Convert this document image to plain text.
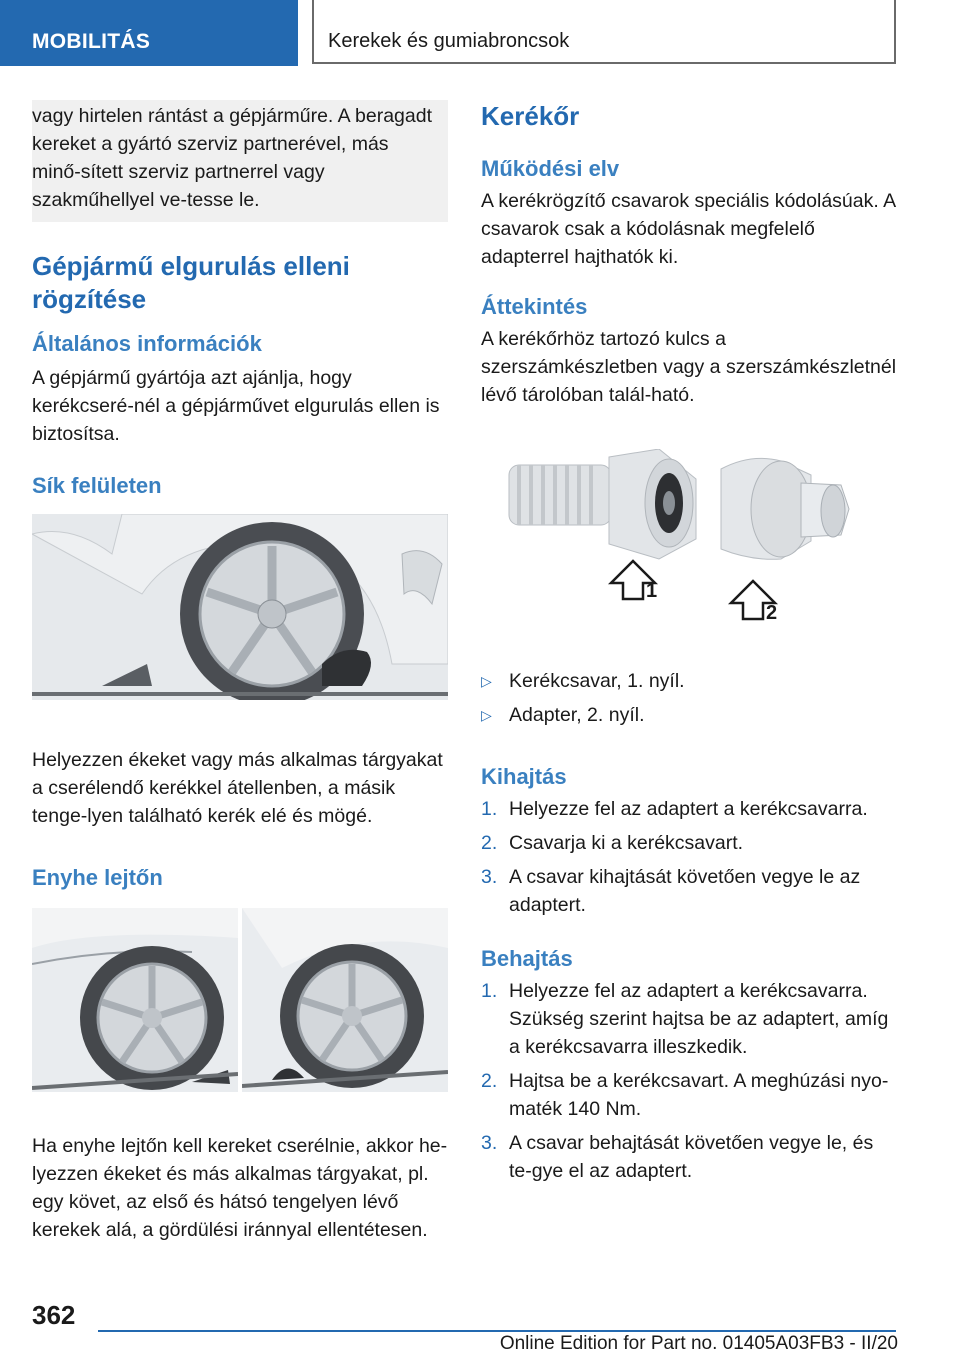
MOBILITÁS	Kerekek és gumiabroncsok

vagy hirtelen rántást a gépjárműre. A beragadt kereket a gyártó szerviz partnerével, más minő-sített szerviz partnerrel vagy szakműhellyel ve-tesse le.

Gépjármű elgurulás elleni rögzítése
Általános információk

A gépjármű gyártója azt ajánlja, hogy kerékcseré-nél a gépjárművet elgurulás ellen is biztosítsa.

Sík felületen

Helyezzen ékeket vagy más alkalmas tárgyakat a cserélendő kerékkel átellenben, a másik tenge-lyen található kerék elé és mögé.

Enyhe lejtőn

Ha enyhe lejtőn kell kereket cserélnie, akkor he-lyezzen ékeket és más alkalmas tárgyakat, pl. egy követ, az első és hátsó tengelyen lévő kerekek alá, a gördülési iránnyal ellentétesen.

Kerékőr
Működési elv

A kerékrögzítő csavarok speciális kódolásúak. A csavarok csak a kódolásnak megfelelő adapterrel hajthatók ki.

Áttekintés

A kerékőrhöz tartozó kulcs a szerszámkészletben vagy a szerszámkészletnél lévő tárolóban talál-ható.

1
2
▷ Kerékcsavar, 1. nyíl.
▷ Adapter, 2. nyíl.
Kihajtás
1. Helyezze fel az adaptert a kerékcsavarra.
2. Csavarja ki a kerékcsavart.
3. A csavar kihajtását követően vegye le az adaptert.
Behajtás
1. Helyezze fel az adaptert a kerékcsavarra. Szükség szerint hajtsa be az adaptert, amíg a kerékcsavarra illeszkedik.
2. Hajtsa be a kerékcsavart. A meghúzási nyo-maték 140 Nm.
3. A csavar behajtását követően vegye le, és te-gye el az adaptert.
362
Online Edition for Part no. 01405A03FB3 - II/20
